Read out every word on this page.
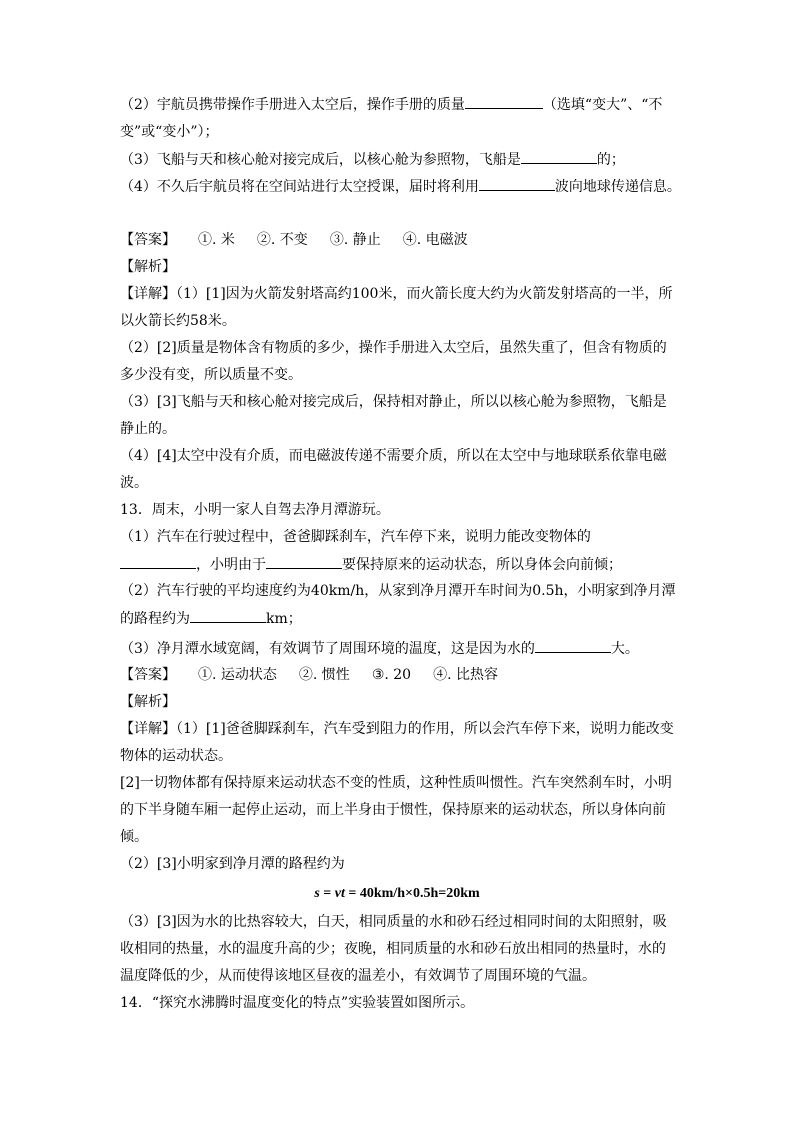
（2）宇航员携带操作手册进入太空后，操作手册的质量	（选填“变大”、“不
变”或“变小”）；
（3）飞船与天和核心舱对接完成后，以核心舱为参照物，飞船是	的；
（4）不久后宇航员将在空间站进行太空授课，届时将利用	波向地球传递信息。
【答案】 ①. 米 ②. 不变 ③. 静止 ④. 电磁波
【解析】
【详解】（1）[1]因为火箭发射塔高约100米，而火箭长度大约为火箭发射塔高的一半，所
以火箭长约58米。
（2）[2]质量是物体含有物质的多少，操作手册进入太空后，虽然失重了，但含有物质的
多少没有变，所以质量不变。
（3）[3]飞船与天和核心舱对接完成后，保持相对静止，所以以核心舱为参照物，飞船是
静止的。
（4）[4]太空中没有介质，而电磁波传递不需要介质，所以在太空中与地球联系依靠电磁
波。
13．周末，小明一家人自驾去净月潭游玩。
（1）汽车在行驶过程中，爸爸脚踩刹车，汽车停下来，说明力能改变物体的
，小明由于	要保持原来的运动状态，所以身体会向前倾；
（2）汽车行驶的平均速度约为40km/h，从家到净月潭开车时间为0.5h，小明家到净月潭
的路程约为	km；
（3）净月潭水域宽阔，有效调节了周围环境的温度，这是因为水的	大。
【答案】 ①. 运动状态 ②. 惯性 ③. 20 ④. 比热容
【解析】
【详解】（1）[1]爸爸脚踩刹车，汽车受到阻力的作用，所以会汽车停下来，说明力能改变
物体的运动状态。
[2]一切物体都有保持原来运动状态不变的性质，这种性质叫惯性。汽车突然刹车时，小明
的下半身随车厢一起停止运动，而上半身由于惯性，保持原来的运动状态，所以身体向前
倾。
（2）[3]小明家到净月潭的路程约为
s = vt = 40km/h×0.5h=20km
（3）[3]因为水的比热容较大，白天，相同质量的水和砂石经过相同时间的太阳照射，吸
收相同的热量，水的温度升高的少；夜晚，相同质量的水和砂石放出相同的热量时，水的
温度降低的少，从而使得该地区昼夜的温差小，有效调节了周围环境的气温。
14．“探究水沸腾时温度变化的特点”实验装置如图所示。
